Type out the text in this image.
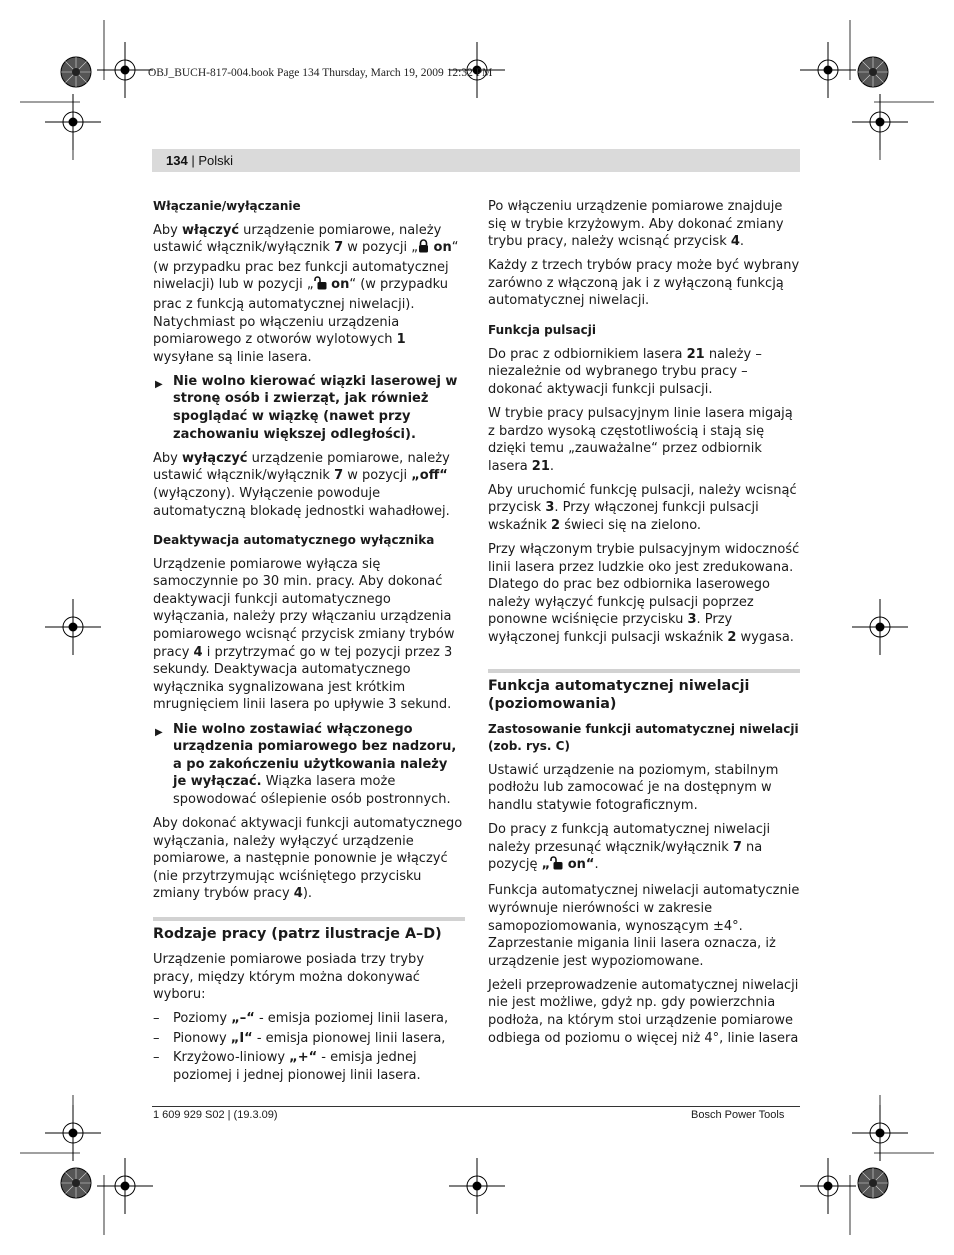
OBJ_BUCH-817-004.book Page 134 Thursday, March 19, 2009 12:32 PM
134 | Polski
Włączanie/wyłączanie

Aby włączyć urządzenie pomiarowe, należy ustawić włącznik/wyłącznik 7 w pozycji „ on“ (w przypadku prac bez funkcji automatycznej niwelacji) lub w pozycji „ on“ (w przypadku prac z funkcją automatycznej niwelacji). Natychmiast po włączeniu urządzenia pomiarowego z otworów wylotowych 1 wysyłane są linie lasera.

▶ Nie wolno kierować wiązki laserowej w stronę osób i zwierząt, jak również spoglądać w wiązkę (nawet przy zachowaniu większej odległości).

Aby wyłączyć urządzenie pomiarowe, należy ustawić włącznik/wyłącznik 7 w pozycji „off“ (wyłączony). Wyłączenie powoduje automatyczną blokadę jednostki wahadłowej.

Deaktywacja automatycznego wyłącznika

Urządzenie pomiarowe wyłącza się samoczynnie po 30 min. pracy. Aby dokonać deaktywacji funkcji automatycznego wyłączania, należy przy włączaniu urządzenia pomiarowego wcisnąć przycisk zmiany trybów pracy 4 i przytrzymać go w tej pozycji przez 3 sekundy. Deaktywacja automatycznego wyłącznika sygnalizowana jest krótkim mrugnięciem linii lasera po upływie 3 sekund.

▶ Nie wolno zostawiać włączonego urządzenia pomiarowego bez nadzoru, a po zakończeniu użytkowania należy je wyłączać. Wiązka lasera może spowodować oślepienie osób postronnych.

Aby dokonać aktywacji funkcji automatycznego wyłączania, należy wyłączyć urządzenie pomiarowe, a następnie ponownie je włączyć (nie przytrzymując wciśniętego przycisku zmiany trybów pracy 4).

Rodzaje pracy (patrz ilustracje A–D)

Urządzenie pomiarowe posiada trzy tryby pracy, między którym można dokonywać wyboru:

– Poziomy „–“ - emisja poziomej linii lasera,
– Pionowy „I“ - emisja pionowej linii lasera,
– Krzyżowo-liniowy „+“ - emisja jednej poziomej i jednej pionowej linii lasera.

Po włączeniu urządzenie pomiarowe znajduje się w trybie krzyżowym. Aby dokonać zmiany trybu pracy, należy wcisnąć przycisk 4.

Każdy z trzech trybów pracy może być wybrany zarówno z włączoną jak i z wyłączoną funkcją automatycznej niwelacji.

Funkcja pulsacji

Do prac z odbiornikiem lasera 21 należy – niezależnie od wybranego trybu pracy – dokonać aktywacji funkcji pulsacji.

W trybie pracy pulsacyjnym linie lasera migają z bardzo wysoką częstotliwością i stają się dzięki temu „zauważalne“ przez odbiornik lasera 21.

Aby uruchomić funkcję pulsacji, należy wcisnąć przycisk 3. Przy włączonej funkcji pulsacji wskaźnik 2 świeci się na zielono.

Przy włączonym trybie pulsacyjnym widoczność linii lasera przez ludzkie oko jest zredukowana. Dlatego do prac bez odbiornika laserowego należy wyłączyć funkcję pulsacji poprzez ponowne wciśnięcie przycisku 3. Przy wyłączonej funkcji pulsacji wskaźnik 2 wygasa.

Funkcja automatycznej niwelacji (poziomowania)
Zastosowanie funkcji automatycznej niwelacji (zob. rys. C)

Ustawić urządzenie na poziomym, stabilnym podłożu lub zamocować je na dostępnym w handlu statywie fotograficznym.

Do pracy z funkcją automatycznej niwelacji należy przesunąć włącznik/wyłącznik 7 na pozycję „ on“.

Funkcja automatycznej niwelacji automatycznie wyrównuje nierówności w zakresie samopoziomowania, wynoszącym ±4°. Zaprzestanie migania linii lasera oznacza, iż urządzenie jest wypoziomowane.

Jeżeli przeprowadzenie automatycznej niwelacji nie jest możliwe, gdyż np. gdy powierzchnia podłoża, na którym stoi urządzenie pomiarowe odbiega od poziomu o więcej niż 4°, linie lasera

1 609 929 S02 | (19.3.09)	Bosch Power Tools
